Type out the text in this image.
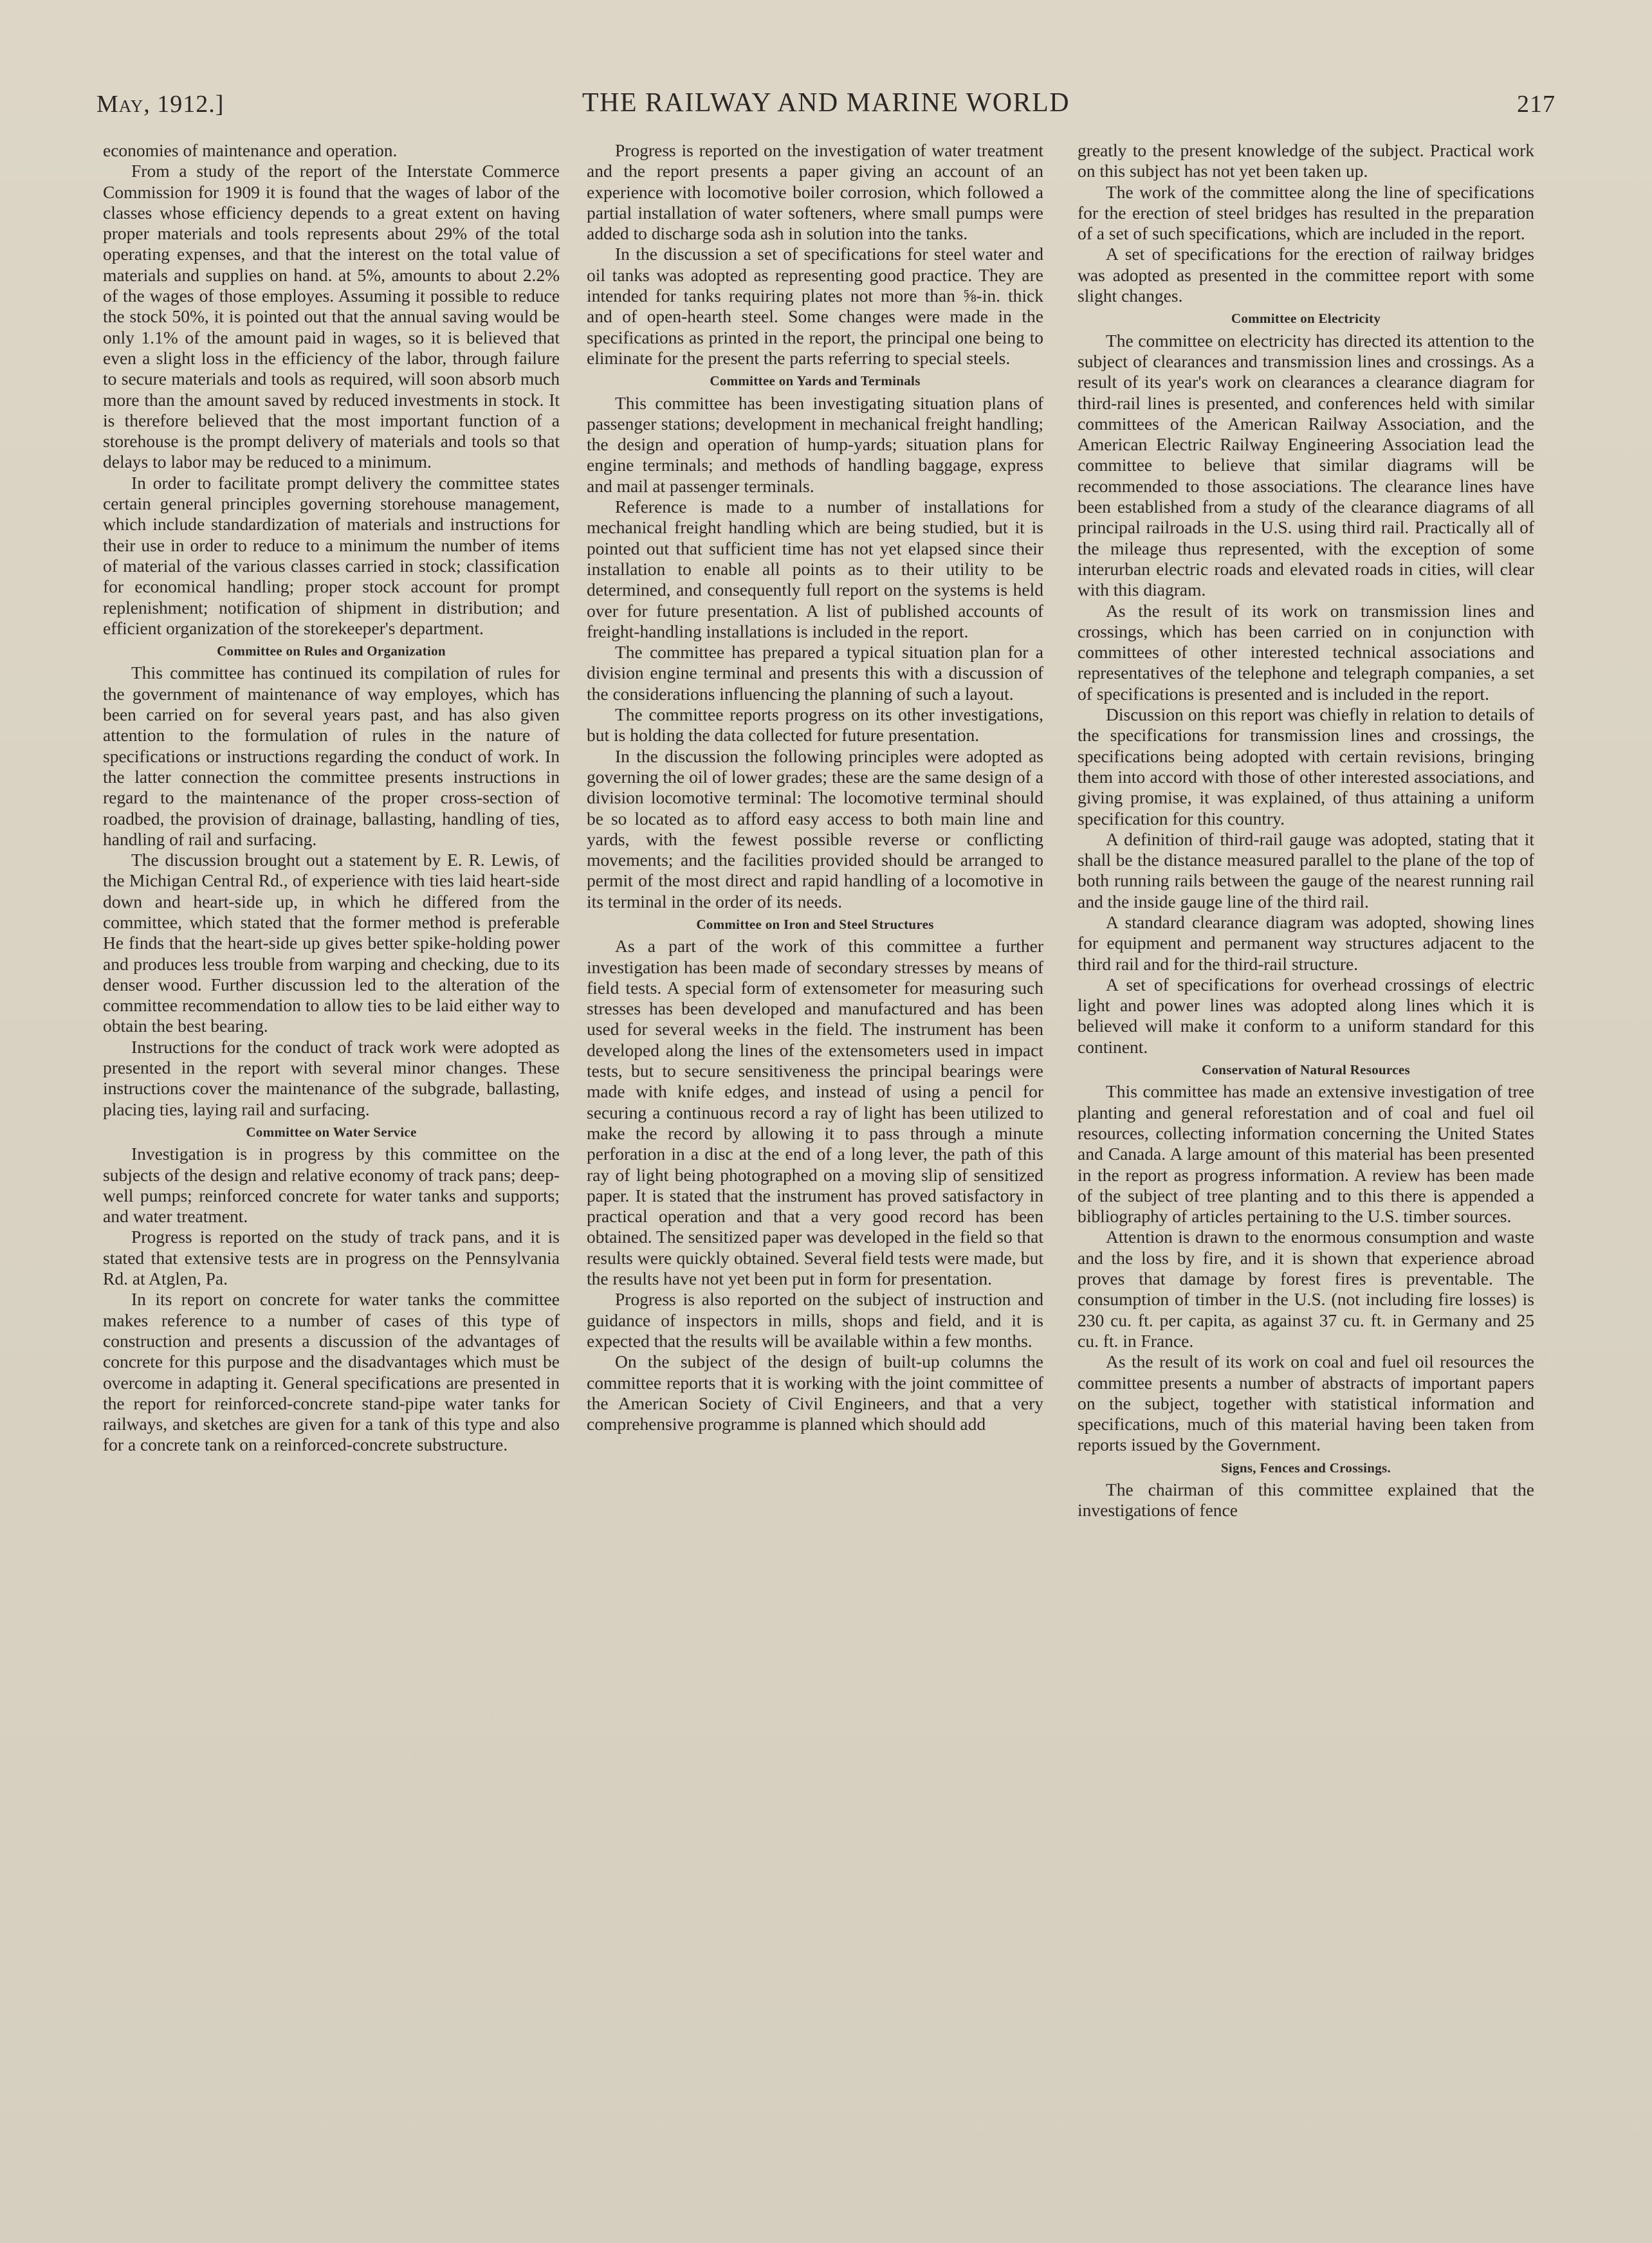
May, 1912.]	THE RAILWAY AND MARINE WORLD	217

economies of maintenance and operation.

From a study of the report of the Interstate Commerce Commission for 1909 it is found that the wages of labor of the classes whose efficiency depends to a great extent on having proper materials and tools represents about 29% of the total operating expenses, and that the interest on the total value of materials and supplies on hand. at 5%, amounts to about 2.2% of the wages of those employes. Assuming it possible to reduce the stock 50%, it is pointed out that the annual saving would be only 1.1% of the amount paid in wages, so it is believed that even a slight loss in the efficiency of the labor, through failure to secure materials and tools as required, will soon absorb much more than the amount saved by reduced investments in stock. It is therefore believed that the most important function of a storehouse is the prompt delivery of materials and tools so that delays to labor may be reduced to a minimum.

In order to facilitate prompt delivery the committee states certain general principles governing storehouse management, which include standardization of materials and instructions for their use in order to reduce to a minimum the number of items of material of the various classes carried in stock; classification for economical handling; proper stock account for prompt replenishment; notification of shipment in distribution; and efficient organization of the storekeeper's department.

Committee on Rules and Organization

This committee has continued its compilation of rules for the government of maintenance of way employes, which has been carried on for several years past, and has also given attention to the formulation of rules in the nature of specifications or instructions regarding the conduct of work. In the latter connection the committee presents instructions in regard to the maintenance of the proper cross-section of roadbed, the provision of drainage, ballasting, handling of ties, handling of rail and surfacing.

The discussion brought out a statement by E. R. Lewis, of the Michigan Central Rd., of experience with ties laid heart-side down and heart-side up, in which he differed from the committee, which stated that the former method is preferable He finds that the heart-side up gives better spike-holding power and produces less trouble from warping and checking, due to its denser wood. Further discussion led to the alteration of the committee recommendation to allow ties to be laid either way to obtain the best bearing.

Instructions for the conduct of track work were adopted as presented in the report with several minor changes. These instructions cover the maintenance of the subgrade, ballasting, placing ties, laying rail and surfacing.

Committee on Water Service

Investigation is in progress by this committee on the subjects of the design and relative economy of track pans; deep-well pumps; reinforced concrete for water tanks and supports; and water treatment.

Progress is reported on the study of track pans, and it is stated that extensive tests are in progress on the Pennsylvania Rd. at Atglen, Pa.

In its report on concrete for water tanks the committee makes reference to a number of cases of this type of construction and presents a discussion of the advantages of concrete for this purpose and the disadvantages which must be overcome in adapting it. General specifications are presented in the report for reinforced-concrete stand-pipe water tanks for railways, and sketches are given for a tank of this type and also for a concrete tank on a reinforced-concrete substructure.

Progress is reported on the investigation of water treatment and the report presents a paper giving an account of an experience with locomotive boiler corrosion, which followed a partial installation of water softeners, where small pumps were added to discharge soda ash in solution into the tanks.

In the discussion a set of specifications for steel water and oil tanks was adopted as representing good practice. They are intended for tanks requiring plates not more than ⅝-in. thick and of open-hearth steel. Some changes were made in the specifications as printed in the report, the principal one being to eliminate for the present the parts referring to special steels.

Committee on Yards and Terminals

This committee has been investigating situation plans of passenger stations; development in mechanical freight handling; the design and operation of hump-yards; situation plans for engine terminals; and methods of handling baggage, express and mail at passenger terminals.

Reference is made to a number of installations for mechanical freight handling which are being studied, but it is pointed out that sufficient time has not yet elapsed since their installation to enable all points as to their utility to be determined, and consequently full report on the systems is held over for future presentation. A list of published accounts of freight-handling installations is included in the report.

The committee has prepared a typical situation plan for a division engine terminal and presents this with a discussion of the considerations influencing the planning of such a layout.

The committee reports progress on its other investigations, but is holding the data collected for future presentation.

In the discussion the following principles were adopted as governing the oil of lower grades; these are the same design of a division locomotive terminal: The locomotive terminal should be so located as to afford easy access to both main line and yards, with the fewest possible reverse or conflicting movements; and the facilities provided should be arranged to permit of the most direct and rapid handling of a locomotive in its terminal in the order of its needs.

Committee on Iron and Steel Structures

As a part of the work of this committee a further investigation has been made of secondary stresses by means of field tests. A special form of extensometer for measuring such stresses has been developed and manufactured and has been used for several weeks in the field. The instrument has been developed along the lines of the extensometers used in impact tests, but to secure sensitiveness the principal bearings were made with knife edges, and instead of using a pencil for securing a continuous record a ray of light has been utilized to make the record by allowing it to pass through a minute perforation in a disc at the end of a long lever, the path of this ray of light being photographed on a moving slip of sensitized paper. It is stated that the instrument has proved satisfactory in practical operation and that a very good record has been obtained. The sensitized paper was developed in the field so that results were quickly obtained. Several field tests were made, but the results have not yet been put in form for presentation.

Progress is also reported on the subject of instruction and guidance of inspectors in mills, shops and field, and it is expected that the results will be available within a few months.

On the subject of the design of built-up columns the committee reports that it is working with the joint committee of the American Society of Civil Engineers, and that a very comprehensive programme is planned which should add

greatly to the present knowledge of the subject. Practical work on this subject has not yet been taken up.

The work of the committee along the line of specifications for the erection of steel bridges has resulted in the preparation of a set of such specifications, which are included in the report.

A set of specifications for the erection of railway bridges was adopted as presented in the committee report with some slight changes.

Committee on Electricity

The committee on electricity has directed its attention to the subject of clearances and transmission lines and crossings. As a result of its year's work on clearances a clearance diagram for third-rail lines is presented, and conferences held with similar committees of the American Railway Association, and the American Electric Railway Engineering Association lead the committee to believe that similar diagrams will be recommended to those associations. The clearance lines have been established from a study of the clearance diagrams of all principal railroads in the U.S. using third rail. Practically all of the mileage thus represented, with the exception of some interurban electric roads and elevated roads in cities, will clear with this diagram.

As the result of its work on transmission lines and crossings, which has been carried on in conjunction with committees of other interested technical associations and representatives of the telephone and telegraph companies, a set of specifications is presented and is included in the report.

Discussion on this report was chiefly in relation to details of the specifications for transmission lines and crossings, the specifications being adopted with certain revisions, bringing them into accord with those of other interested associations, and giving promise, it was explained, of thus attaining a uniform specification for this country.

A definition of third-rail gauge was adopted, stating that it shall be the distance measured parallel to the plane of the top of both running rails between the gauge of the nearest running rail and the inside gauge line of the third rail.

A standard clearance diagram was adopted, showing lines for equipment and permanent way structures adjacent to the third rail and for the third-rail structure.

A set of specifications for overhead crossings of electric light and power lines was adopted along lines which it is believed will make it conform to a uniform standard for this continent.

Conservation of Natural Resources

This committee has made an extensive investigation of tree planting and general reforestation and of coal and fuel oil resources, collecting information concerning the United States and Canada. A large amount of this material has been presented in the report as progress information. A review has been made of the subject of tree planting and to this there is appended a bibliography of articles pertaining to the U.S. timber sources.

Attention is drawn to the enormous consumption and waste and the loss by fire, and it is shown that experience abroad proves that damage by forest fires is preventable. The consumption of timber in the U.S. (not including fire losses) is 230 cu. ft. per capita, as against 37 cu. ft. in Germany and 25 cu. ft. in France.

As the result of its work on coal and fuel oil resources the committee presents a number of abstracts of important papers on the subject, together with statistical information and specifications, much of this material having been taken from reports issued by the Government.

Signs, Fences and Crossings.

The chairman of this committee explained that the investigations of fence
